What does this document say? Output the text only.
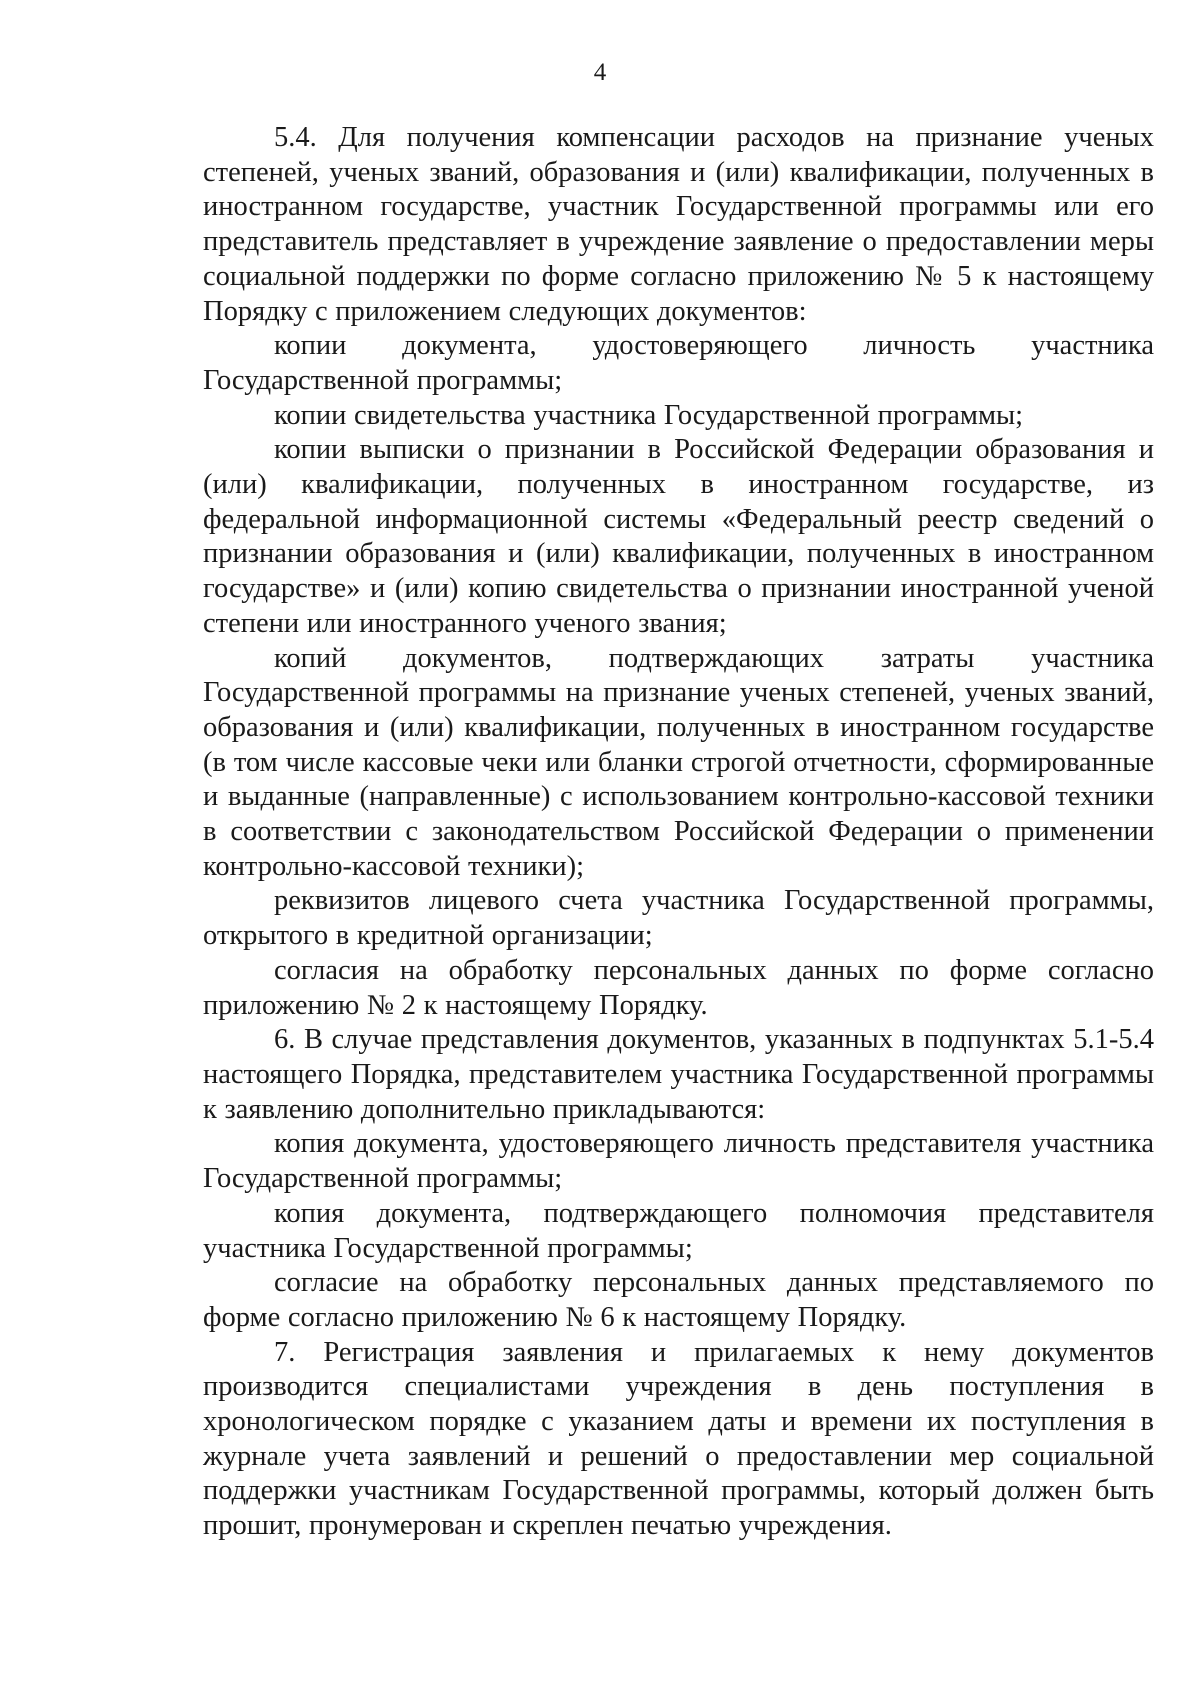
4

5.4. Для получения компенсации расходов на признание ученых степеней, ученых званий, образования и (или) квалификации, полученных в иностранном государстве, участник Государственной программы или его представитель представляет в учреждение заявление о предоставлении меры социальной поддержки по форме согласно приложению № 5 к настоящему Порядку с приложением следующих документов:

копии документа, удостоверяющего личность участника Государственной программы;

копии свидетельства участника Государственной программы;

копии выписки о признании в Российской Федерации образования и (или) квалификации, полученных в иностранном государстве, из федеральной информационной системы «Федеральный реестр сведений о признании образования и (или) квалификации, полученных в иностранном государстве» и (или) копию свидетельства о признании иностранной ученой степени или иностранного ученого звания;

копий документов, подтверждающих затраты участника Государственной программы на признание ученых степеней, ученых званий, образования и (или) квалификации, полученных в иностранном государстве (в том числе кассовые чеки или бланки строгой отчетности, сформированные и выданные (направленные) с использованием контрольно-кассовой техники в соответствии с законодательством Российской Федерации о применении контрольно-кассовой техники);

реквизитов лицевого счета участника Государственной программы, открытого в кредитной организации;

согласия на обработку персональных данных по форме согласно приложению № 2 к настоящему Порядку.

6. В случае представления документов, указанных в подпунктах 5.1-5.4 настоящего Порядка, представителем участника Государственной программы к заявлению дополнительно прикладываются:

копия документа, удостоверяющего личность представителя участника Государственной программы;

копия документа, подтверждающего полномочия представителя участника Государственной программы;

согласие на обработку персональных данных представляемого по форме согласно приложению № 6 к настоящему Порядку.

7. Регистрация заявления и прилагаемых к нему документов производится специалистами учреждения в день поступления в хронологическом порядке с указанием даты и времени их поступления в журнале учета заявлений и решений о предоставлении мер социальной поддержки участникам Государственной программы, который должен быть прошит, пронумерован и скреплен печатью учреждения.
